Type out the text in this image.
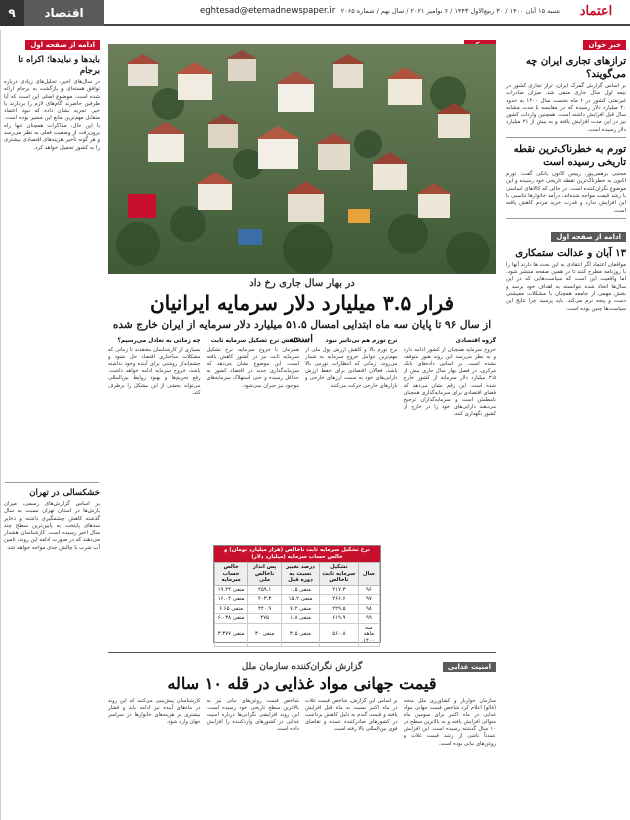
۹	اقتصاد	eghtesad@etemadnewspaper.ir شنبه ۱۵ آبان ۱۴۰۰ / ۳۰ ربیع‌الاول ۱۴۴۳ / ۶ نوامبر ۲۰۲۱ / سال نهم / شماره ۲۰۶۵	اعتماد
خبر خوان
تراز‌های تجاری ایران چه می‌گویند؟
بر اساس گزارش گمرک ایران، تراز تجاری کشور در نیمه اول سال جاری منفی شد. میزان صادرات غیرنفتی کشور در ۶ ماه نخست سال ۱۴۰۰ به حدود ۲۰ میلیارد دلار رسیده که در مقایسه با مدت مشابه سال قبل افزایش داشته است. همچنین واردات کشور نیز در این مدت افزایش یافته و به بیش از ۲۱ میلیارد دلار رسیده است.
تورم به خطرناک‌ترین نقطه تاریخی رسیده است
مجتبی برهمی‌پور، رییس کانون بانکی گفت: تورم اکنون به خطرناک‌ترین نقطه تاریخی خود رسیده و این موضوع نگران‌کننده است. در حالی که کالاهای اساسی با رشد قیمت مواجه شده‌اند، درآمد خانوارها تناسبی با این افزایش ندارد و قدرت خرید مردم کاهش یافته است.
ادامه از صفحه اول
۱۳ آبان و عدالت ستمکاری
مواقفان اعتماد اگر انتقادی به این بحث ها دارند آنها را با روزنامه مطرح کنند تا در همین صفحه منتشر شود. اما واقعیت این است که سیاست‌هایی که در این سال‌ها اتخاذ شده نتوانسته به اهداف خود برسد و بخش مهمی از جامعه همچنان با مشکلات معیشتی دست و پنجه نرم می‌کند. باید پرسید چرا نتایج این سیاست‌ها چنین بوده است.
ادامه از صفحه اول
بایدها و نبایدها؛ اکراه تا برجام
در سال‌های اخیر، تحلیل‌های زیادی درباره توافق هسته‌ای و بازگشت به برجام ارائه شده است. موضوع اصلی این است که آیا طرفین حاضرند گام‌های لازم را بردارند یا خیر. تجربه نشان داده که نبود اعتماد متقابل مهم‌ترین مانع این مسیر بوده است. با این حال، مذاکرات همچنان تنها راه برون‌رفت از وضعیت فعلی به نظر می‌رسد و هر گونه تأخیر هزینه‌های اقتصادی بیشتری را به کشور تحمیل خواهد کرد.
خشکسالی در تهران
بر اساس گزارش‌های رسمی، میزان بارش‌ها در استان تهران نسبت به سال گذشته کاهش چشمگیری داشته و ذخایر سدهای پایتخت به پایین‌ترین سطح چند سال اخیر رسیده است. کارشناسان هشدار می‌دهند که در صورت ادامه این روند، تامین آب شرب با چالش جدی مواجه خواهد شد.
در بهار سال جاری رخ داد
فرار ۳.۵ میلیارد دلار سرمایه ایرانیان
از سال ۹۶ تا پایان سه ماه ابتدایی امسال ۵۱.۵ میلیارد دلار سرمایه از ایران خارج شده است	گروه اقتصادی
خروج سرمایه همچنان از کشور ادامه دارد و به نظر می‌رسد این روند هنوز متوقف نشده است. بر اساس داده‌های بانک مرکزی، در فصل بهار سال جاری بیش از ۳.۵ میلیارد دلار سرمایه از کشور خارج شده است. این رقم نشان می‌دهد که فضای اقتصادی برای سرمایه‌گذاری همچنان نامطمئن است و سرمایه‌گذاران ترجیح می‌دهند دارایی‌های خود را در خارج از کشور نگهداری کنند.
نرخ تورم هم بی‌تاثیر نبود
نرخ تورم بالا و کاهش ارزش پول ملی از مهم‌ترین عوامل خروج سرمایه به شمار می‌روند. زمانی که انتظارات تورمی بالا باشد، فعالان اقتصادی برای حفظ ارزش دارایی‌های خود به سمت ارزهای خارجی و بازارهای خارجی حرکت می‌کنند.
کاهش نرخ تشکیل سرمایه ثابت
همزمان با خروج سرمایه، نرخ تشکیل سرمایه ثابت نیز در کشور کاهش یافته است. این موضوع نشان می‌دهد که سرمایه‌گذاری جدید در اقتصاد کشور به حداقل رسیده و حتی استهلاک سرمایه‌های موجود نیز جبران نمی‌شود.
چه زمانی به تعادل می‌رسیم؟
بسیاری از کارشناسان معتقدند تا زمانی که مشکلات ساختاری اقتصاد حل نشود و چشم‌انداز روشنی برای آینده وجود نداشته باشد، خروج سرمایه ادامه خواهد داشت. رفع تحریم‌ها و بهبود روابط بین‌المللی می‌تواند بخشی از این مشکل را برطرف کند.
نرخ تشکیل سرمایه ثابت ناخالص (هزار میلیارد تومان) و خالص حساب سرمایه (میلیارد دلار)
سال	تشکیل سرمایه ثابت ناخالص	درصد تغییر نسبت به دوره قبل	پس انداز ناخالص ملی	خالص حساب سرمایه
۹۶	۲۱۷.۳	منفی ۰.۵	۴۵۹.۱	منفی ۱۹.۴۴
۹۷	۲۶۶.۶	منفی ۱۵.۲	۴۰۳.۳	منفی ۱۶.۰۲
۹۸	۲۲۹.۵	منفی ۷.۲	۴۴۰.۹	منفی ۶.۶۵
۹۹	۶۱۹.۹	منفی ۱.۸	۴۷۵	منفی ۶.۰۳۸
سه ماهه ۱۴۰۰	۵۶۰.۸	منفی ۳.۵	منفی ۳۰	منفی ۳.۳۷۷
امنیت غذایی
گزارش نگران‌کننده سازمان ملل
قیمت جهانی مواد غذایی در قله ۱۰ ساله
سازمان خواربار و کشاورزی ملل متحد (فائو) اعلام کرد شاخص قیمت جهانی مواد غذایی در ماه اکتبر برای سومین ماه متوالی افزایش یافته و به بالاترین سطح در ۱۰ سال گذشته رسیده است. این افزایش عمدتاً ناشی از رشد قیمت غلات و روغن‌های نباتی بوده است.
بر اساس این گزارش، شاخص قیمت غلات در ماه اکتبر نسبت به ماه قبل افزایش یافته و قیمت گندم به دلیل کاهش برداشت در کشورهای صادرکننده عمده و تقاضای قوی بین‌المللی بالا رفته است.
شاخص قیمت روغن‌های نباتی نیز به بالاترین سطح تاریخی خود رسیده است. این روند افزایشی نگرانی‌ها درباره امنیت غذایی در کشورهای واردکننده را افزایش داده است.
کارشناسان پیش‌بینی می‌کنند که این روند در ماه‌های آینده نیز ادامه یابد و فشار بیشتری بر هزینه‌های خانوارها در سراسر جهان وارد شود.
